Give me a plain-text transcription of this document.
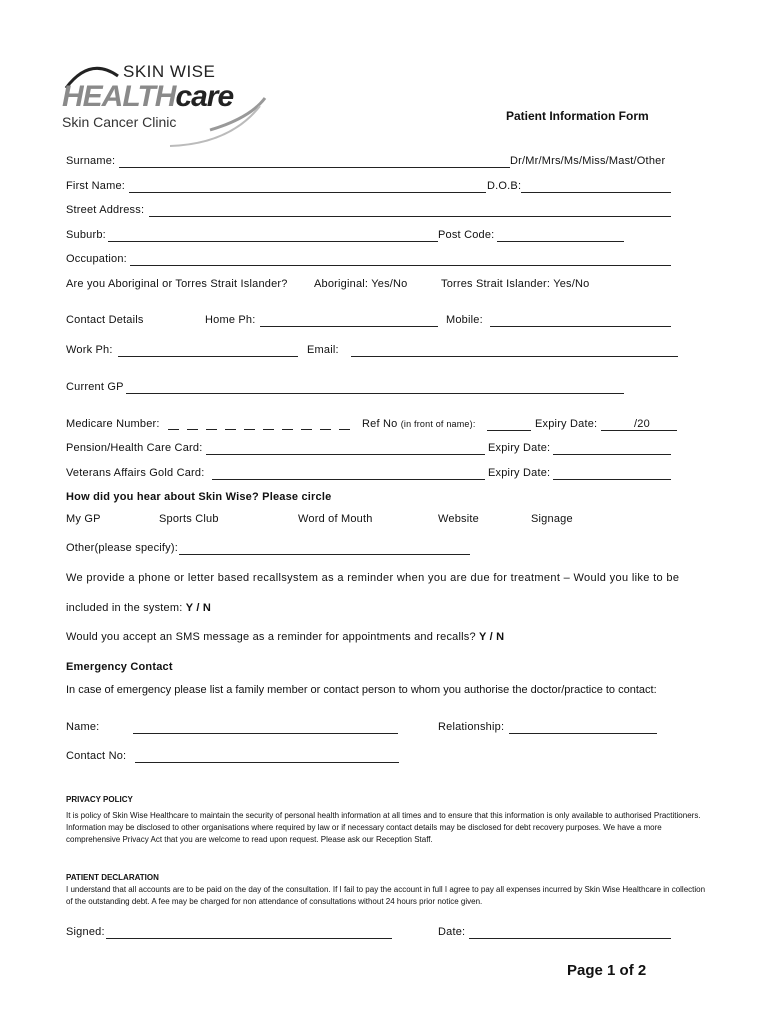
SKIN WISE
HEALTHcare
Skin Cancer Clinic	Patient Information Form
Surname:	Dr/Mr/Mrs/Ms/Miss/Mast/Other
First Name:	D.O.B:
Street Address:
Suburb:	Post Code:
Occupation:
Are you Aboriginal or Torres Strait Islander? Aboriginal: Yes/No	Torres Strait Islander: Yes/No
Contact Details	Home Ph:	Mobile:
Work Ph:	Email:
Current GP
Medicare Number:	Ref No (in front of name):	Expiry Date:	/20
Pension/Health Care Card:	Expiry Date:
Veterans Affairs Gold Card:	Expiry Date:
How did you hear about Skin Wise? Please circle
My GP	Sports Club	Word of Mouth	Website	Signage
Other(please specify):
We provide a phone or letter based recallsystem as a reminder when you are due for treatment – Would you like to be
included in the system: Y / N
Would you accept an SMS message as a reminder for appointments and recalls? Y / N
Emergency Contact
In case of emergency please list a family member or contact person to whom you authorise the doctor/practice to contact:
Name:	Relationship:
Contact No:
PRIVACY POLICY
It is policy of Skin Wise Healthcare to maintain the security of personal health information at all times and to ensure that this information is only available to authorised Practitioners. Information may be disclosed to other organisations where required by law or if necessary contact details may be disclosed for debt recovery purposes. We have a more comprehensive Privacy Act that you are welcome to read upon request. Please ask our Reception Staff.
PATIENT DECLARATION
I understand that all accounts are to be paid on the day of the consultation. If I fail to pay the account in full I agree to pay all expenses incurred by Skin Wise Healthcare in collection of the outstanding debt. A fee may be charged for non attendance of consultations without 24 hours prior notice given.
Signed:	Date:
Page 1 of 2
